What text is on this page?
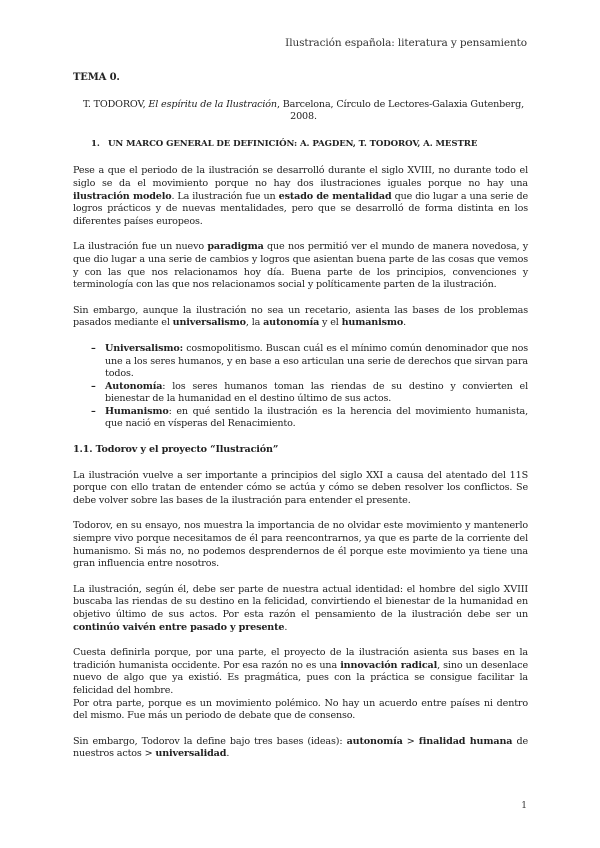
Ilustración española: literatura y pensamiento
TEMA 0.
T. TODOROV, El espíritu de la Ilustración, Barcelona, Círculo de Lectores-Galaxia Gutenberg, 2008.
1. UN MARCO GENERAL DE DEFINICIÓN: A. PAGDEN, T. TODOROV, A. MESTRE

Pese a que el periodo de la ilustración se desarrolló durante el siglo XVIII, no durante todo el siglo se da el movimiento porque no hay dos ilustraciones iguales porque no hay una ilustración modelo. La ilustración fue un estado de mentalidad que dio lugar a una serie de logros prácticos y de nuevas mentalidades, pero que se desarrolló de forma distinta en los diferentes países europeos.

La ilustración fue un nuevo paradigma que nos permitió ver el mundo de manera novedosa, y que dio lugar a una serie de cambios y logros que asientan buena parte de las cosas que vemos y con las que nos relacionamos hoy día. Buena parte de los principios, convenciones y terminología con las que nos relacionamos social y políticamente parten de la ilustración.

Sin embargo, aunque la ilustración no sea un recetario, asienta las bases de los problemas pasados mediante el universalismo, la autonomía y el humanismo.

– Universalismo: cosmopolitismo. Buscan cuál es el mínimo común denominador que nos une a los seres humanos, y en base a eso articulan una serie de derechos que sirvan para todos.
– Autonomía: los seres humanos toman las riendas de su destino y convierten el bienestar de la humanidad en el destino último de sus actos.
– Humanismo: en qué sentido la ilustración es la herencia del movimiento humanista, que nació en vísperas del Renacimiento.
1.1. Todorov y el proyecto “Ilustración”

La ilustración vuelve a ser importante a principios del siglo XXI a causa del atentado del 11S porque con ello tratan de entender cómo se actúa y cómo se deben resolver los conflictos. Se debe volver sobre las bases de la ilustración para entender el presente.

Todorov, en su ensayo, nos muestra la importancia de no olvidar este movimiento y mantenerlo siempre vivo porque necesitamos de él para reencontrarnos, ya que es parte de la corriente del humanismo. Si más no, no podemos desprendernos de él porque este movimiento ya tiene una gran influencia entre nosotros.

La ilustración, según él, debe ser parte de nuestra actual identidad: el hombre del siglo XVIII buscaba las riendas de su destino en la felicidad, convirtiendo el bienestar de la humanidad en objetivo último de sus actos. Por esta razón el pensamiento de la ilustración debe ser un continúo vaivén entre pasado y presente.

Cuesta definirla porque, por una parte, el proyecto de la ilustración asienta sus bases en la tradición humanista occidente. Por esa razón no es una innovación radical, sino un desenlace nuevo de algo que ya existió. Es pragmática, pues con la práctica se consigue facilitar la felicidad del hombre.
Por otra parte, porque es un movimiento polémico. No hay un acuerdo entre países ni dentro del mismo. Fue más un periodo de debate que de consenso.

Sin embargo, Todorov la define bajo tres bases (ideas): autonomía > finalidad humana de nuestros actos > universalidad.

1
